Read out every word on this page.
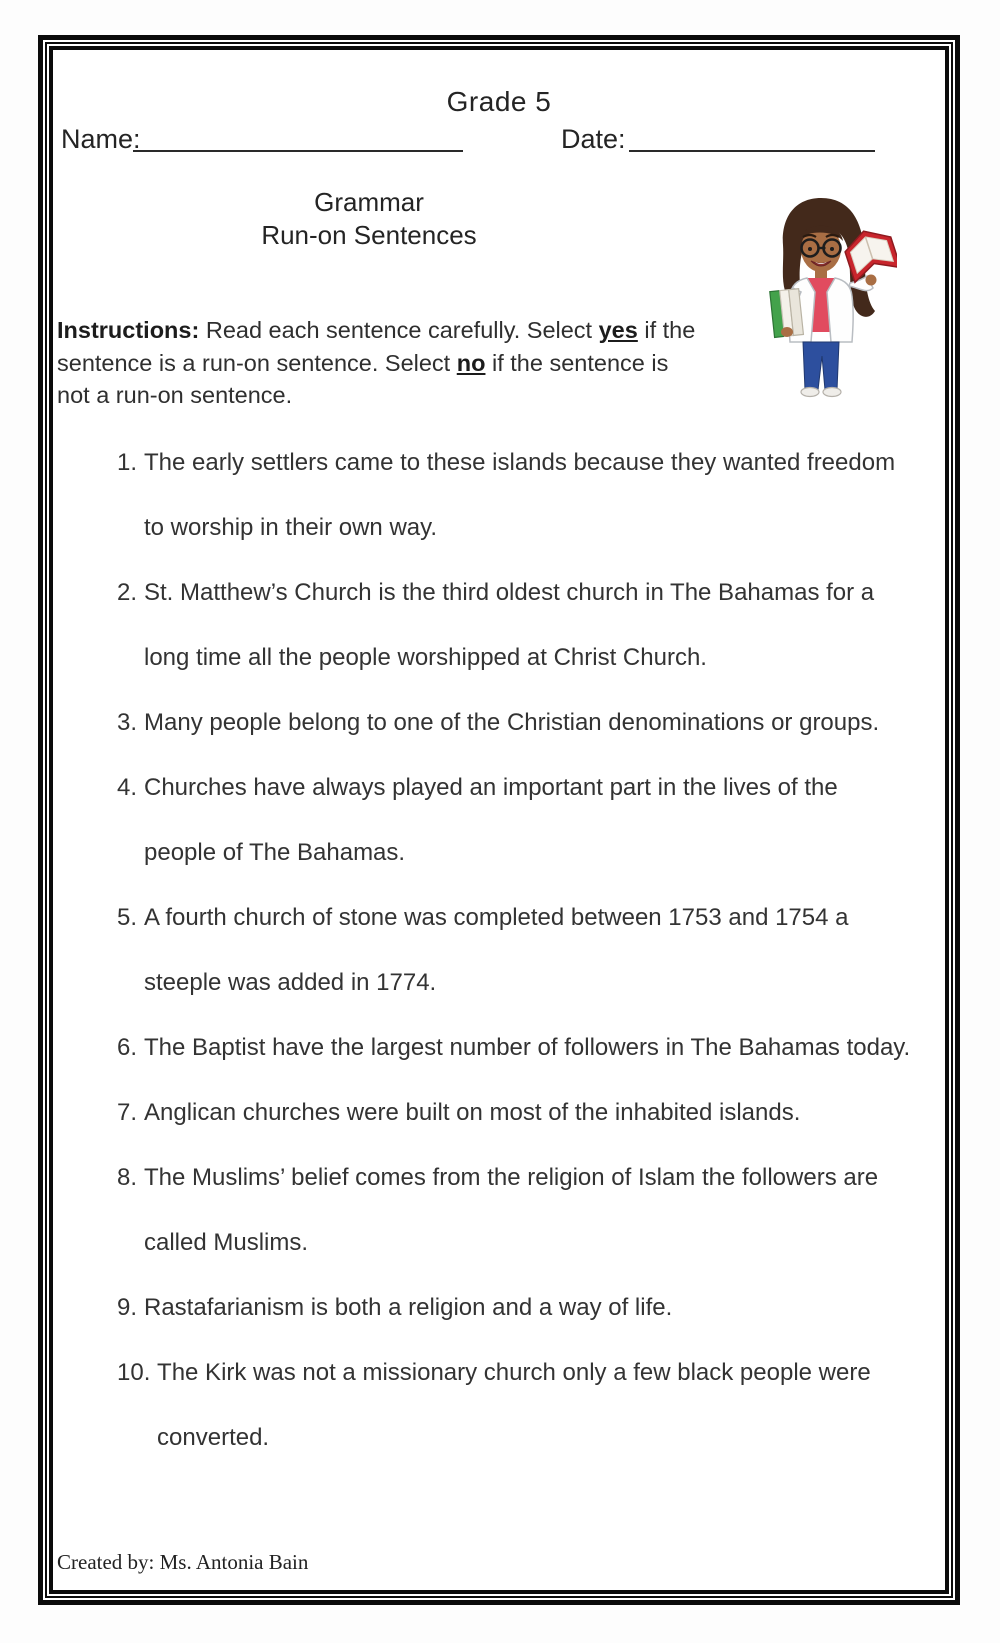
Grade 5
Name:	Date:
Grammar
Run-on Sentences
Instructions: Read each sentence carefully. Select yes if the sentence is a run-on sentence. Select no if the sentence is not a run-on sentence.
1. The early settlers came to these islands because they wanted freedom
to worship in their own way.
2. St. Matthew’s Church is the third oldest church in The Bahamas for a
long time all the people worshipped at Christ Church.
3. Many people belong to one of the Christian denominations or groups.
4. Churches have always played an important part in the lives of the
people of The Bahamas.
5. A fourth church of stone was completed between 1753 and 1754 a
steeple was added in 1774.
6. The Baptist have the largest number of followers in The Bahamas today.
7. Anglican churches were built on most of the inhabited islands.
8. The Muslims’ belief comes from the religion of Islam the followers are
called Muslims.
9. Rastafarianism is both a religion and a way of life.
10. The Kirk was not a missionary church only a few black people were
converted.
Created by: Ms. Antonia Bain
